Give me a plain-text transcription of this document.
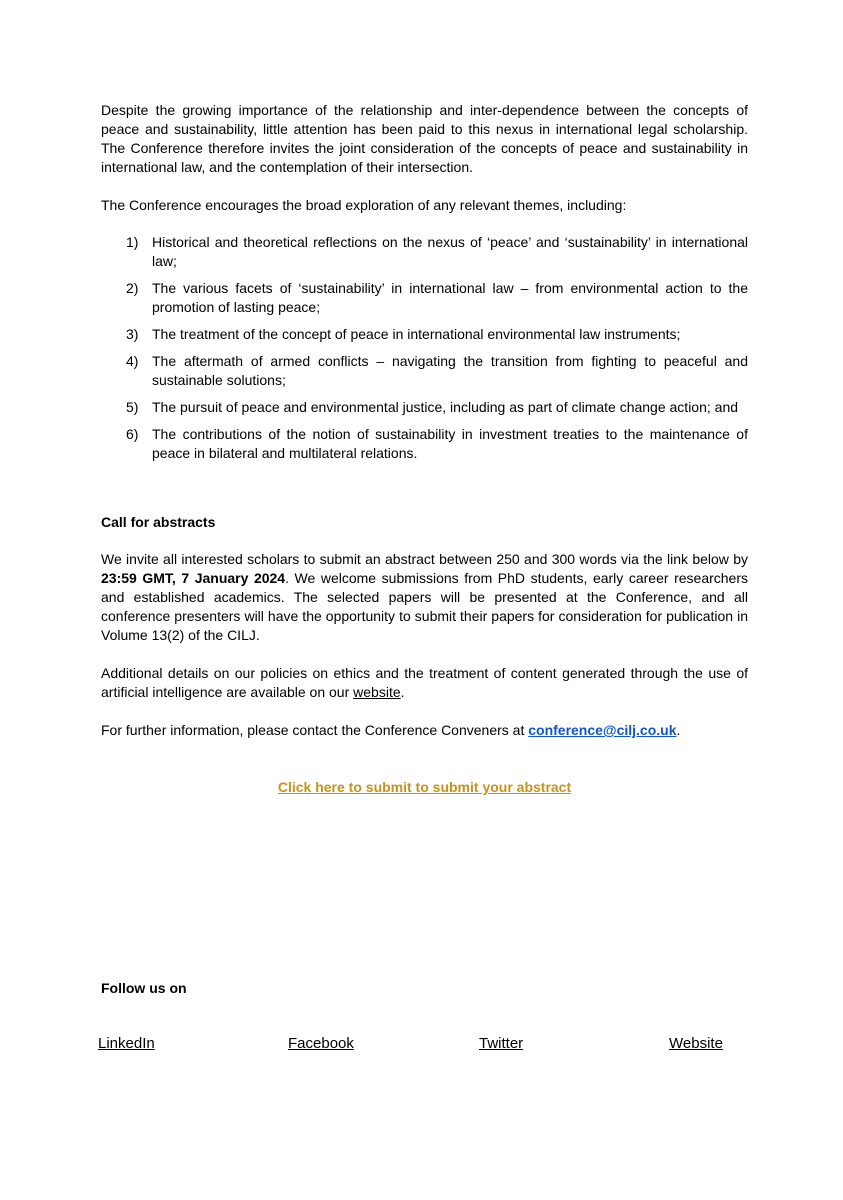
Despite the growing importance of the relationship and inter-dependence between the concepts of peace and sustainability, little attention has been paid to this nexus in international legal scholarship. The Conference therefore invites the joint consideration of the concepts of peace and sustainability in international law, and the contemplation of their intersection.

The Conference encourages the broad exploration of any relevant themes, including:

1) Historical and theoretical reflections on the nexus of ‘peace’ and ‘sustainability’ in international law;
2) The various facets of ‘sustainability’ in international law – from environmental action to the promotion of lasting peace;
3) The treatment of the concept of peace in international environmental law instruments;
4) The aftermath of armed conflicts – navigating the transition from fighting to peaceful and sustainable solutions;
5) The pursuit of peace and environmental justice, including as part of climate change action; and
6) The contributions of the notion of sustainability in investment treaties to the maintenance of peace in bilateral and multilateral relations.
Call for abstracts

We invite all interested scholars to submit an abstract between 250 and 300 words via the link below by 23:59 GMT, 7 January 2024. We welcome submissions from PhD students, early career researchers and established academics. The selected papers will be presented at the Conference, and all conference presenters will have the opportunity to submit their papers for consideration for publication in Volume 13(2) of the CILJ.

Additional details on our policies on ethics and the treatment of content generated through the use of artificial intelligence are available on our website.

For further information, please contact the Conference Conveners at conference@cilj.co.uk.

Click here to submit to submit your abstract

Follow us on
LinkedIn	Facebook	Twitter	Website
